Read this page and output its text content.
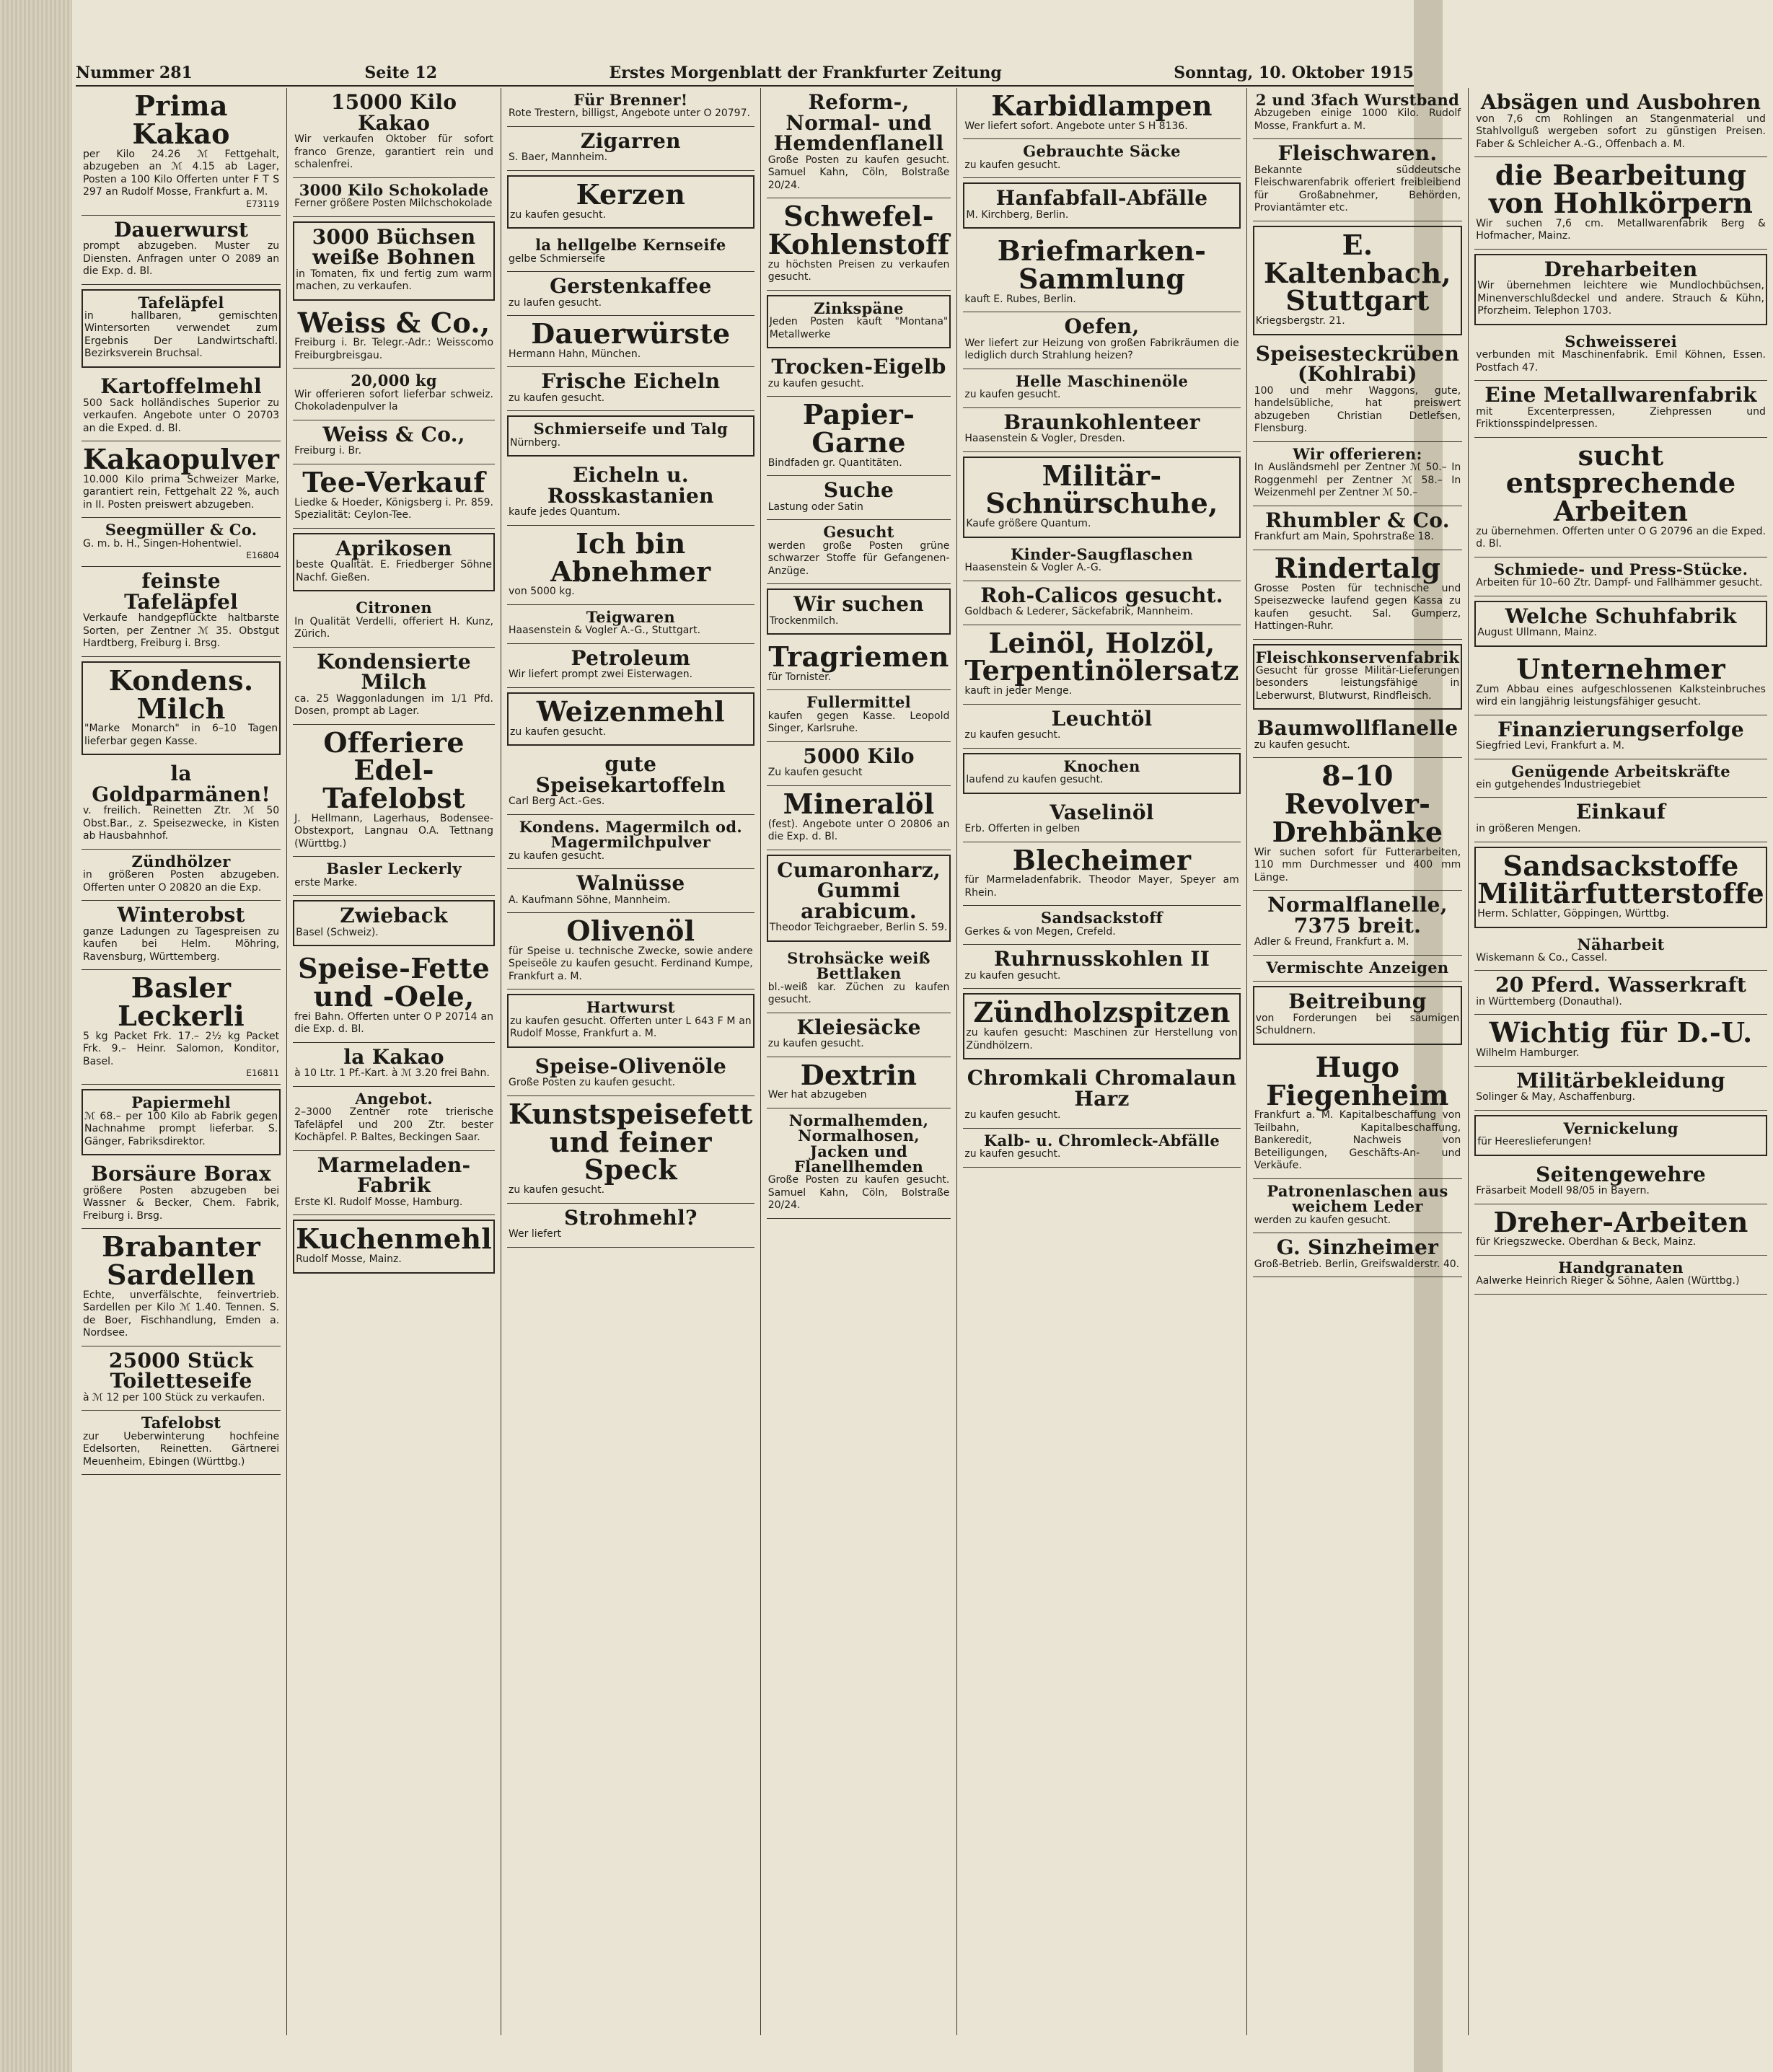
Nummer 281	Seite 12	Erstes Morgenblatt der Frankfurter Zeitung	Sonntag, 10. Oktober 1915
Prima Kakao
per Kilo 24.26 ℳ Fettgehalt, abzugeben an ℳ 4.15 ab Lager, Posten a 100 Kilo Offerten unter F T S 297 an Rudolf Mosse, Frankfurt a. M.
E73119
Dauerwurst
prompt abzugeben. Muster zu Diensten. Anfragen unter O 2089 an die Exp. d. Bl.
Tafeläpfel
in hallbaren, gemischten Wintersorten verwendet zum Ergebnis Der Landwirtschaftl. Bezirksverein Bruchsal.
Kartoffelmehl
500 Sack holländisches Superior zu verkaufen. Angebote unter O 20703 an die Exped. d. Bl.
Kakaopulver
10.000 Kilo prima Schweizer Marke, garantiert rein, Fettgehalt 22 %, auch in II. Posten preiswert abzugeben.
Seegmüller & Co.
G. m. b. H., Singen-Hohentwiel.
E16804
feinste Tafeläpfel
Verkaufe handgepflückte haltbarste Sorten, per Zentner ℳ 35. Obstgut Hardtberg, Freiburg i. Brsg.
Kondens. Milch
"Marke Monarch" in 6–10 Tagen lieferbar gegen Kasse.
la Goldparmänen!
v. freilich. Reinetten Ztr. ℳ 50 Obst.Bar., z. Speisezwecke, in Kisten ab Hausbahnhof.
Zündhölzer
in größeren Posten abzugeben. Offerten unter O 20820 an die Exp.
Winterobst
ganze Ladungen zu Tagespreisen zu kaufen bei Helm. Möhring, Ravensburg, Württemberg.
Basler Leckerli
5 kg Packet Frk. 17.– 2½ kg Packet Frk. 9.– Heinr. Salomon, Konditor, Basel.
E16811
Papiermehl
ℳ 68.– per 100 Kilo ab Fabrik gegen Nachnahme prompt lieferbar. S. Gänger, Fabriksdirektor.
Borsäure Borax
größere Posten abzugeben bei Wassner & Becker, Chem. Fabrik, Freiburg i. Brsg.
Brabanter Sardellen
Echte, unverfälschte, feinvertrieb. Sardellen per Kilo ℳ 1.40. Tennen. S. de Boer, Fischhandlung, Emden a. Nordsee.
25000 Stück Toiletteseife
à ℳ 12 per 100 Stück zu verkaufen.
Tafelobst
zur Ueberwinterung hochfeine Edelsorten, Reinetten. Gärtnerei Meuenheim, Ebingen (Württbg.)
15000 Kilo Kakao
Wir verkaufen Oktober für sofort franco Grenze, garantiert rein und schalenfrei.
3000 Kilo Schokolade
Ferner größere Posten Milchschokolade
3000 Büchsen weiße Bohnen
in Tomaten, fix und fertig zum warm machen, zu verkaufen.
Weiss & Co.,
Freiburg i. Br. Telegr.-Adr.: Weisscomo Freiburgbreisgau.
20,000 kg
Wir offerieren sofort lieferbar schweiz. Chokoladenpulver la
Weiss & Co.,
Freiburg i. Br.
Tee-Verkauf
Liedke & Hoeder, Königsberg i. Pr. 859. Spezialität: Ceylon-Tee.
Aprikosen
beste Qualität. E. Friedberger Söhne Nachf. Gießen.
Citronen
In Qualität Verdelli, offeriert H. Kunz, Zürich.
Kondensierte Milch
ca. 25 Waggonladungen im 1/1 Pfd. Dosen, prompt ab Lager.
Offeriere Edel-Tafelobst
J. Hellmann, Lagerhaus, Bodensee-Obstexport, Langnau O.A. Tettnang (Württbg.)
Basler Leckerly
erste Marke.
Zwieback
Basel (Schweiz).
Speise-Fette und -Oele,
frei Bahn. Offerten unter O P 20714 an die Exp. d. Bl.
la Kakao
à 10 Ltr. 1 Pf.-Kart. à ℳ 3.20 frei Bahn.
Angebot.
2–3000 Zentner rote trierische Tafeläpfel und 200 Ztr. bester Kochäpfel. P. Baltes, Beckingen Saar.
Marmeladen-Fabrik
Erste Kl. Rudolf Mosse, Hamburg.
Kuchenmehl
Rudolf Mosse, Mainz.
Für Brenner!
Rote Trestern, billigst, Angebote unter O 20797.
Zigarren
S. Baer, Mannheim.
Kerzen
zu kaufen gesucht.
la hellgelbe Kernseife
gelbe Schmierseife
Gerstenkaffee
zu laufen gesucht.
Dauerwürste
Hermann Hahn, München.
Frische Eicheln
zu kaufen gesucht.
Schmierseife und Talg
Nürnberg.
Eicheln u. Rosskastanien
kaufe jedes Quantum.
Ich bin Abnehmer
von 5000 kg.
Teigwaren
Haasenstein & Vogler A.-G., Stuttgart.
Petroleum
Wir liefert prompt zwei Eisterwagen.
Weizenmehl
zu kaufen gesucht.
gute Speisekartoffeln
Carl Berg Act.-Ges.
Kondens. Magermilch od. Magermilchpulver
zu kaufen gesucht.
Walnüsse
A. Kaufmann Söhne, Mannheim.
Olivenöl
für Speise u. technische Zwecke, sowie andere Speiseöle zu kaufen gesucht. Ferdinand Kumpe, Frankfurt a. M.
Hartwurst
zu kaufen gesucht. Offerten unter L 643 F M an Rudolf Mosse, Frankfurt a. M.
Speise-Olivenöle
Große Posten zu kaufen gesucht.
Kunstspeisefett und feiner Speck
zu kaufen gesucht.
Strohmehl?
Wer liefert
Reform-, Normal- und Hemdenflanell
Große Posten zu kaufen gesucht. Samuel Kahn, Cöln, Bolstraße 20/24.
Schwefel-Kohlenstoff
zu höchsten Preisen zu verkaufen gesucht.
Zinkspäne
Jeden Posten kauft "Montana" Metallwerke
Trocken-Eigelb
zu kaufen gesucht.
Papier-Garne
Bindfaden gr. Quantitäten.
Suche
Lastung oder Satin
Gesucht
werden große Posten grüne schwarzer Stoffe für Gefangenen-Anzüge.
Wir suchen
Trockenmilch.
Tragriemen
für Tornister.
Fullermittel
kaufen gegen Kasse. Leopold Singer, Karlsruhe.
5000 Kilo
Zu kaufen gesucht
Mineralöl
(fest). Angebote unter O 20806 an die Exp. d. Bl.
Cumaronharz, Gummi arabicum.
Theodor Teichgraeber, Berlin S. 59.
Strohsäcke weiß Bettlaken
bl.-weiß kar. Züchen zu kaufen gesucht.
Kleiesäcke
zu kaufen gesucht.
Dextrin
Wer hat abzugeben
Normalhemden, Normalhosen, Jacken und Flanellhemden
Große Posten zu kaufen gesucht. Samuel Kahn, Cöln, Bolstraße 20/24.
Karbidlampen
Wer liefert sofort. Angebote unter S H 8136.
Gebrauchte Säcke
zu kaufen gesucht.
Hanfabfall-Abfälle
M. Kirchberg, Berlin.
Briefmarken-Sammlung
kauft E. Rubes, Berlin.
Oefen,
Wer liefert zur Heizung von großen Fabrikräumen die lediglich durch Strahlung heizen?
Helle Maschinenöle
zu kaufen gesucht.
Braunkohlenteer
Haasenstein & Vogler, Dresden.
Militär-Schnürschuhe,
Kaufe größere Quantum.
Kinder-Saugflaschen
Haasenstein & Vogler A.-G.
Roh-Calicos gesucht.
Goldbach & Lederer, Säckefabrik, Mannheim.
Leinöl, Holzöl, Terpentinölersatz
kauft in jeder Menge.
Leuchtöl
zu kaufen gesucht.
Knochen
laufend zu kaufen gesucht.
Vaselinöl
Erb. Offerten in gelben
Blecheimer
für Marmeladenfabrik. Theodor Mayer, Speyer am Rhein.
Sandsackstoff
Gerkes & von Megen, Crefeld.
Ruhrnusskohlen II
zu kaufen gesucht.
Zündholzspitzen
zu kaufen gesucht: Maschinen zur Herstellung von Zündhölzern.
Chromkali Chromalaun Harz
zu kaufen gesucht.
Kalb- u. Chromleck-Abfälle
zu kaufen gesucht.
2 und 3fach Wurstband
Abzugeben einige 1000 Kilo. Rudolf Mosse, Frankfurt a. M.
Fleischwaren.
Bekannte süddeutsche Fleischwarenfabrik offeriert freibleibend für Großabnehmer, Behörden, Proviantämter etc.
E. Kaltenbach, Stuttgart
Kriegsbergstr. 21.
Speisesteckrüben (Kohlrabi)
100 und mehr Waggons, gute, handelsübliche, hat preiswert abzugeben Christian Detlefsen, Flensburg.
Wir offerieren:
In Ausländsmehl per Zentner ℳ 50.– In Roggenmehl per Zentner ℳ 58.– In Weizenmehl per Zentner ℳ 50.–
Rhumbler & Co.
Frankfurt am Main, Spohrstraße 18.
Rindertalg
Grosse Posten für technische und Speisezwecke laufend gegen Kassa zu kaufen gesucht. Sal. Gumperz, Hattingen-Ruhr.
Fleischkonservenfabrik
Gesucht für grosse Militär-Lieferungen besonders leistungsfähige in Leberwurst, Blutwurst, Rindfleisch.
Baumwollflanelle
zu kaufen gesucht.
8–10 Revolver-Drehbänke
Wir suchen sofort für Futterarbeiten, 110 mm Durchmesser und 400 mm Länge.
Normalflanelle, 7375 breit.
Adler & Freund, Frankfurt a. M.
Vermischte Anzeigen
Beitreibung
von Forderungen bei säumigen Schuldnern.
Hugo Fiegenheim
Frankfurt a. M. Kapitalbeschaffung von Teilbahn, Kapitalbeschaffung, Bankeredit, Nachweis von Beteiligungen, Geschäfts-An- und Verkäufe.
Patronenlaschen aus weichem Leder
werden zu kaufen gesucht.
G. Sinzheimer
Groß-Betrieb. Berlin, Greifswalderstr. 40.
Absägen und Ausbohren
von 7,6 cm Rohlingen an Stangenmaterial und Stahlvollguß wergeben sofort zu günstigen Preisen. Faber & Schleicher A.-G., Offenbach a. M.
die Bearbeitung von Hohlkörpern
Wir suchen 7,6 cm. Metallwarenfabrik Berg & Hofmacher, Mainz.
Dreharbeiten
Wir übernehmen leichtere wie Mundlochbüchsen, Minenverschlußdeckel und andere. Strauch & Kühn, Pforzheim. Telephon 1703.
Schweisserei
verbunden mit Maschinenfabrik. Emil Köhnen, Essen. Postfach 47.
Eine Metallwarenfabrik
mit Excenterpressen, Ziehpressen und Friktionsspindelpressen.
sucht entsprechende Arbeiten
zu übernehmen. Offerten unter O G 20796 an die Exped. d. Bl.
Schmiede- und Press-Stücke.
Arbeiten für 10–60 Ztr. Dampf- und Fallhämmer gesucht.
Welche Schuhfabrik
August Ullmann, Mainz.
Unternehmer
Zum Abbau eines aufgeschlossenen Kalksteinbruches wird ein langjährig leistungsfähiger gesucht.
Finanzierungserfolge
Siegfried Levi, Frankfurt a. M.
Genügende Arbeitskräfte
ein gutgehendes Industriegebiet
Einkauf
in größeren Mengen.
Sandsackstoffe Militärfutterstoffe
Herm. Schlatter, Göppingen, Württbg.
Näharbeit
Wiskemann & Co., Cassel.
20 Pferd. Wasserkraft
in Württemberg (Donauthal).
Wichtig für D.-U.
Wilhelm Hamburger.
Militärbekleidung
Solinger & May, Aschaffenburg.
Vernickelung
für Heereslieferungen!
Seitengewehre
Fräsarbeit Modell 98/05 in Bayern.
Dreher-Arbeiten
für Kriegszwecke. Oberdhan & Beck, Mainz.
Handgranaten
Aalwerke Heinrich Rieger & Söhne, Aalen (Württbg.)
